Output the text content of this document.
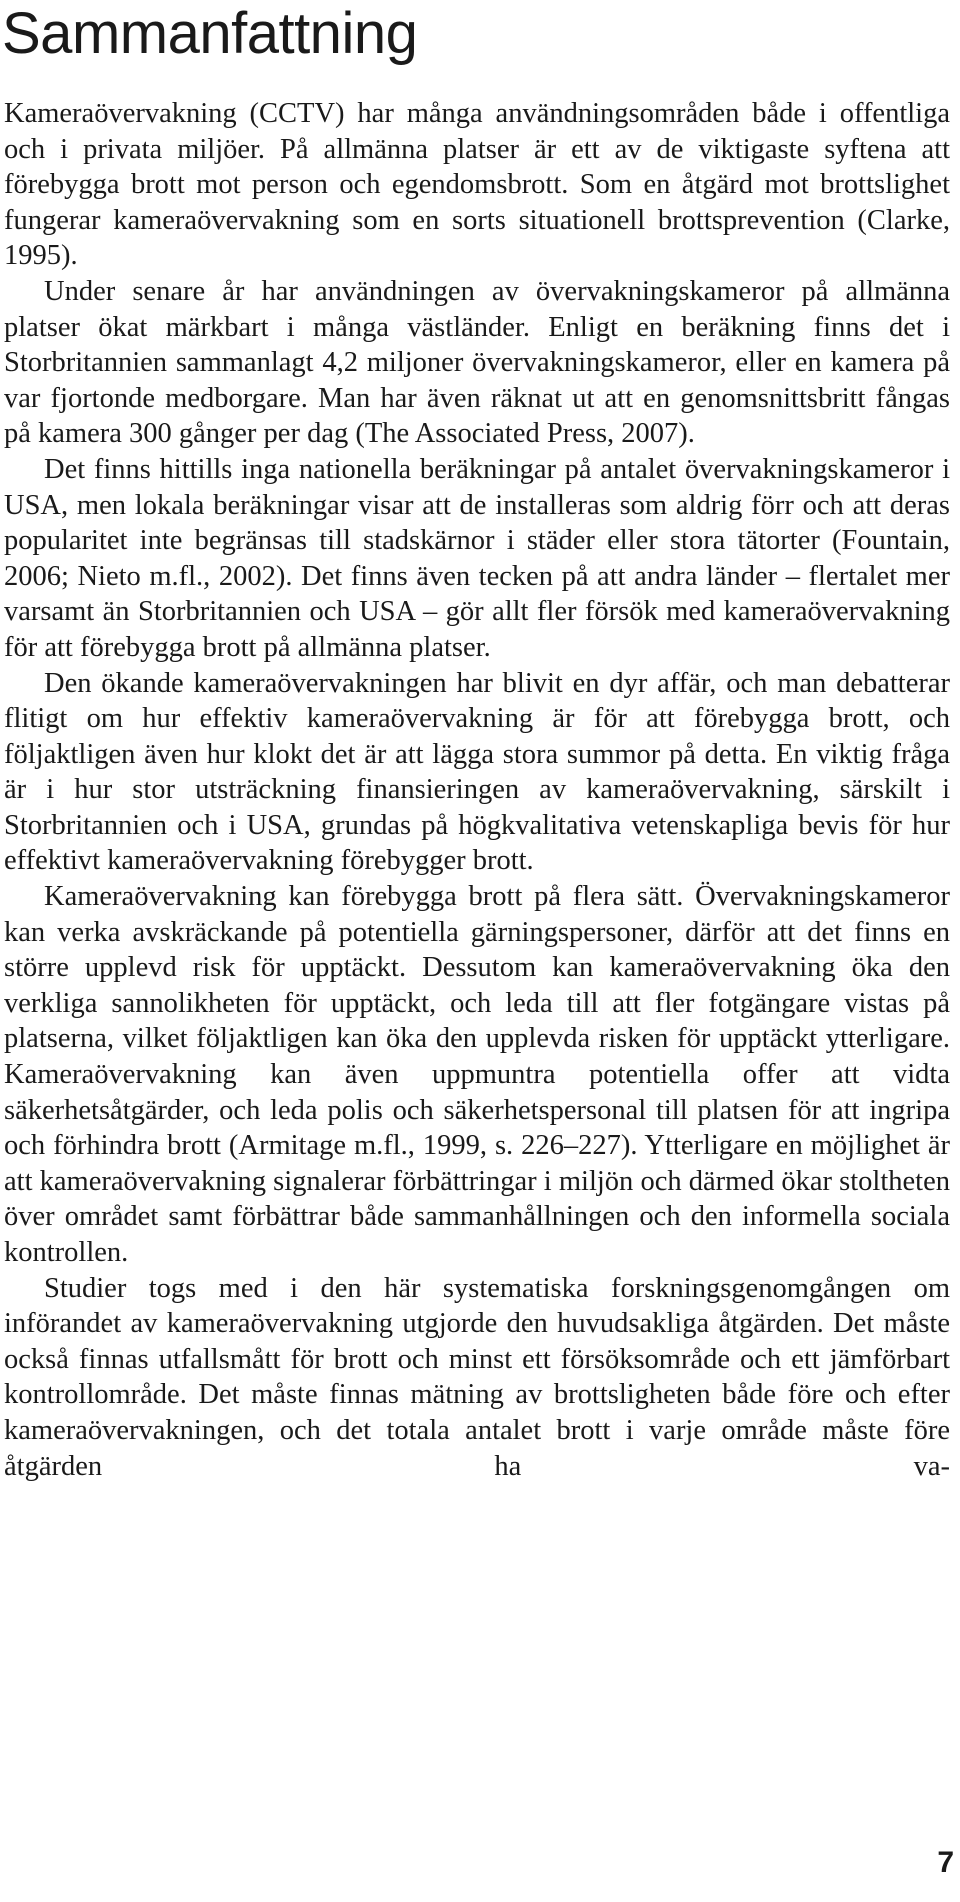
Sammanfattning

Kameraövervakning (CCTV) har många användningsområden både i offentliga och i privata miljöer. På allmänna platser är ett av de viktigaste syftena att förebygga brott mot person och egendomsbrott. Som en åtgärd mot brottslighet fungerar kameraövervakning som en sorts situationell brottsprevention (Clarke, 1995).

Under senare år har användningen av övervakningskameror på allmänna platser ökat märkbart i många västländer. Enligt en beräkning finns det i Storbritannien sammanlagt 4,2 miljoner övervakningskameror, eller en kamera på var fjortonde medborgare. Man har även räknat ut att en genomsnittsbritt fångas på kamera 300 gånger per dag (The Associated Press, 2007).

Det finns hittills inga nationella beräkningar på antalet övervakningskameror i USA, men lokala beräkningar visar att de installeras som aldrig förr och att deras popularitet inte begränsas till stadskärnor i städer eller stora tätorter (Fountain, 2006; Nieto m.fl., 2002). Det finns även tecken på att andra länder – flertalet mer varsamt än Storbritannien och USA – gör allt fler försök med kameraövervakning för att förebygga brott på allmänna platser.

Den ökande kameraövervakningen har blivit en dyr affär, och man debatterar flitigt om hur effektiv kameraövervakning är för att förebygga brott, och följaktligen även hur klokt det är att lägga stora summor på detta. En viktig fråga är i hur stor utsträckning finansieringen av kameraövervakning, särskilt i Storbritannien och i USA, grundas på högkvalitativa vetenskapliga bevis för hur effektivt kameraövervakning förebygger brott.

Kameraövervakning kan förebygga brott på flera sätt. Övervakningskameror kan verka avskräckande på potentiella gärningspersoner, därför att det finns en större upplevd risk för upptäckt. Dessutom kan kameraövervakning öka den verkliga sannolikheten för upptäckt, och leda till att fler fotgängare vistas på platserna, vilket följaktligen kan öka den upplevda risken för upptäckt ytterligare. Kameraövervakning kan även uppmuntra potentiella offer att vidta säkerhetsåtgärder, och leda polis och säkerhetspersonal till platsen för att ingripa och förhindra brott (Armitage m.fl., 1999, s. 226–227). Ytterligare en möjlighet är att kameraövervakning signalerar förbättringar i miljön och därmed ökar stoltheten över området samt förbättrar både sammanhållningen och den informella sociala kontrollen.

Studier togs med i den här systematiska forskningsgenomgången om införandet av kameraövervakning utgjorde den huvudsakliga åtgärden. Det måste också finnas utfallsmått för brott och minst ett försöksområde och ett jämförbart kontrollområde. Det måste finnas mätning av brottsligheten både före och efter kameraövervakningen, och det totala antalet brott i varje område måste före åtgärden ha va-

7
